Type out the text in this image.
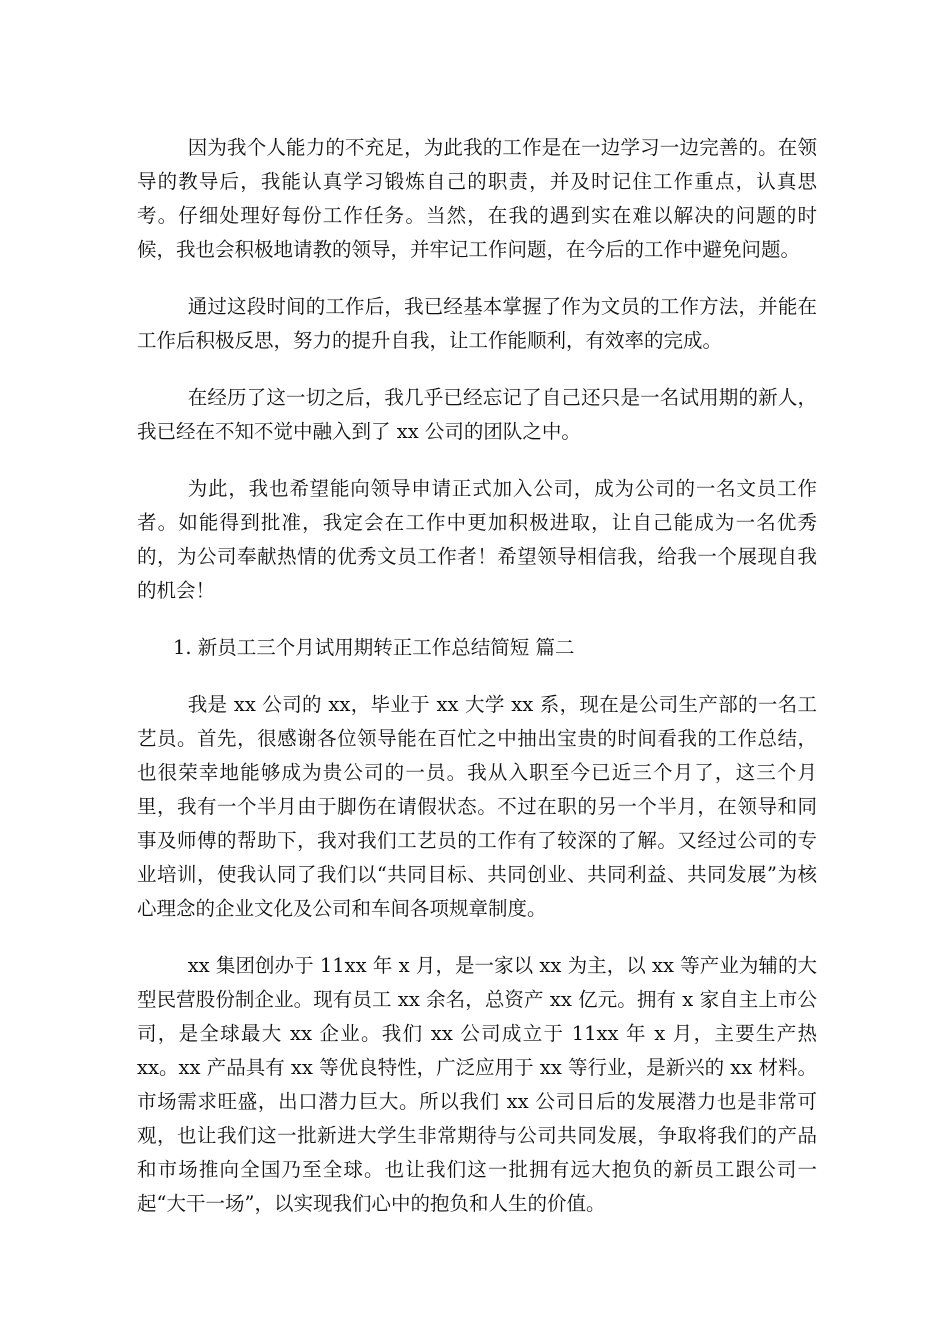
因为我个人能力的不充足，为此我的工作是在一边学习一边完善的。在领导的教导后，我能认真学习锻炼自己的职责，并及时记住工作重点，认真思考。仔细处理好每份工作任务。当然，在我的遇到实在难以解决的问题的时候，我也会积极地请教的领导，并牢记工作问题，在今后的工作中避免问题。

通过这段时间的工作后，我已经基本掌握了作为文员的工作方法，并能在工作后积极反思，努力的提升自我，让工作能顺利，有效率的完成。

在经历了这一切之后，我几乎已经忘记了自己还只是一名试用期的新人，我已经在不知不觉中融入到了 xx 公司的团队之中。

为此，我也希望能向领导申请正式加入公司，成为公司的一名文员工作者。如能得到批准，我定会在工作中更加积极进取，让自己能成为一名优秀的，为公司奉献热情的优秀文员工作者！希望领导相信我，给我一个展现自我的机会！

1. 新员工三个月试用期转正工作总结简短 篇二

我是 xx 公司的 xx，毕业于 xx 大学 xx 系，现在是公司生产部的一名工艺员。首先，很感谢各位领导能在百忙之中抽出宝贵的时间看我的工作总结，也很荣幸地能够成为贵公司的一员。我从入职至今已近三个月了，这三个月里，我有一个半月由于脚伤在请假状态。不过在职的另一个半月，在领导和同事及师傅的帮助下，我对我们工艺员的工作有了较深的了解。又经过公司的专业培训，使我认同了我们以“共同目标、共同创业、共同利益、共同发展”为核心理念的企业文化及公司和车间各项规章制度。

xx 集团创办于 11xx 年 x 月，是一家以 xx 为主，以 xx 等产业为辅的大型民营股份制企业。现有员工 xx 余名，总资产 xx 亿元。拥有 x 家自主上市公司，是全球最大 xx 企业。我们 xx 公司成立于 11xx 年 x 月，主要生产热 xx。xx 产品具有 xx 等优良特性，广泛应用于 xx 等行业，是新兴的 xx 材料。市场需求旺盛，出口潜力巨大。所以我们 xx 公司日后的发展潜力也是非常可观，也让我们这一批新进大学生非常期待与公司共同发展，争取将我们的产品和市场推向全国乃至全球。也让我们这一批拥有远大抱负的新员工跟公司一起“大干一场”，以实现我们心中的抱负和人生的价值。
